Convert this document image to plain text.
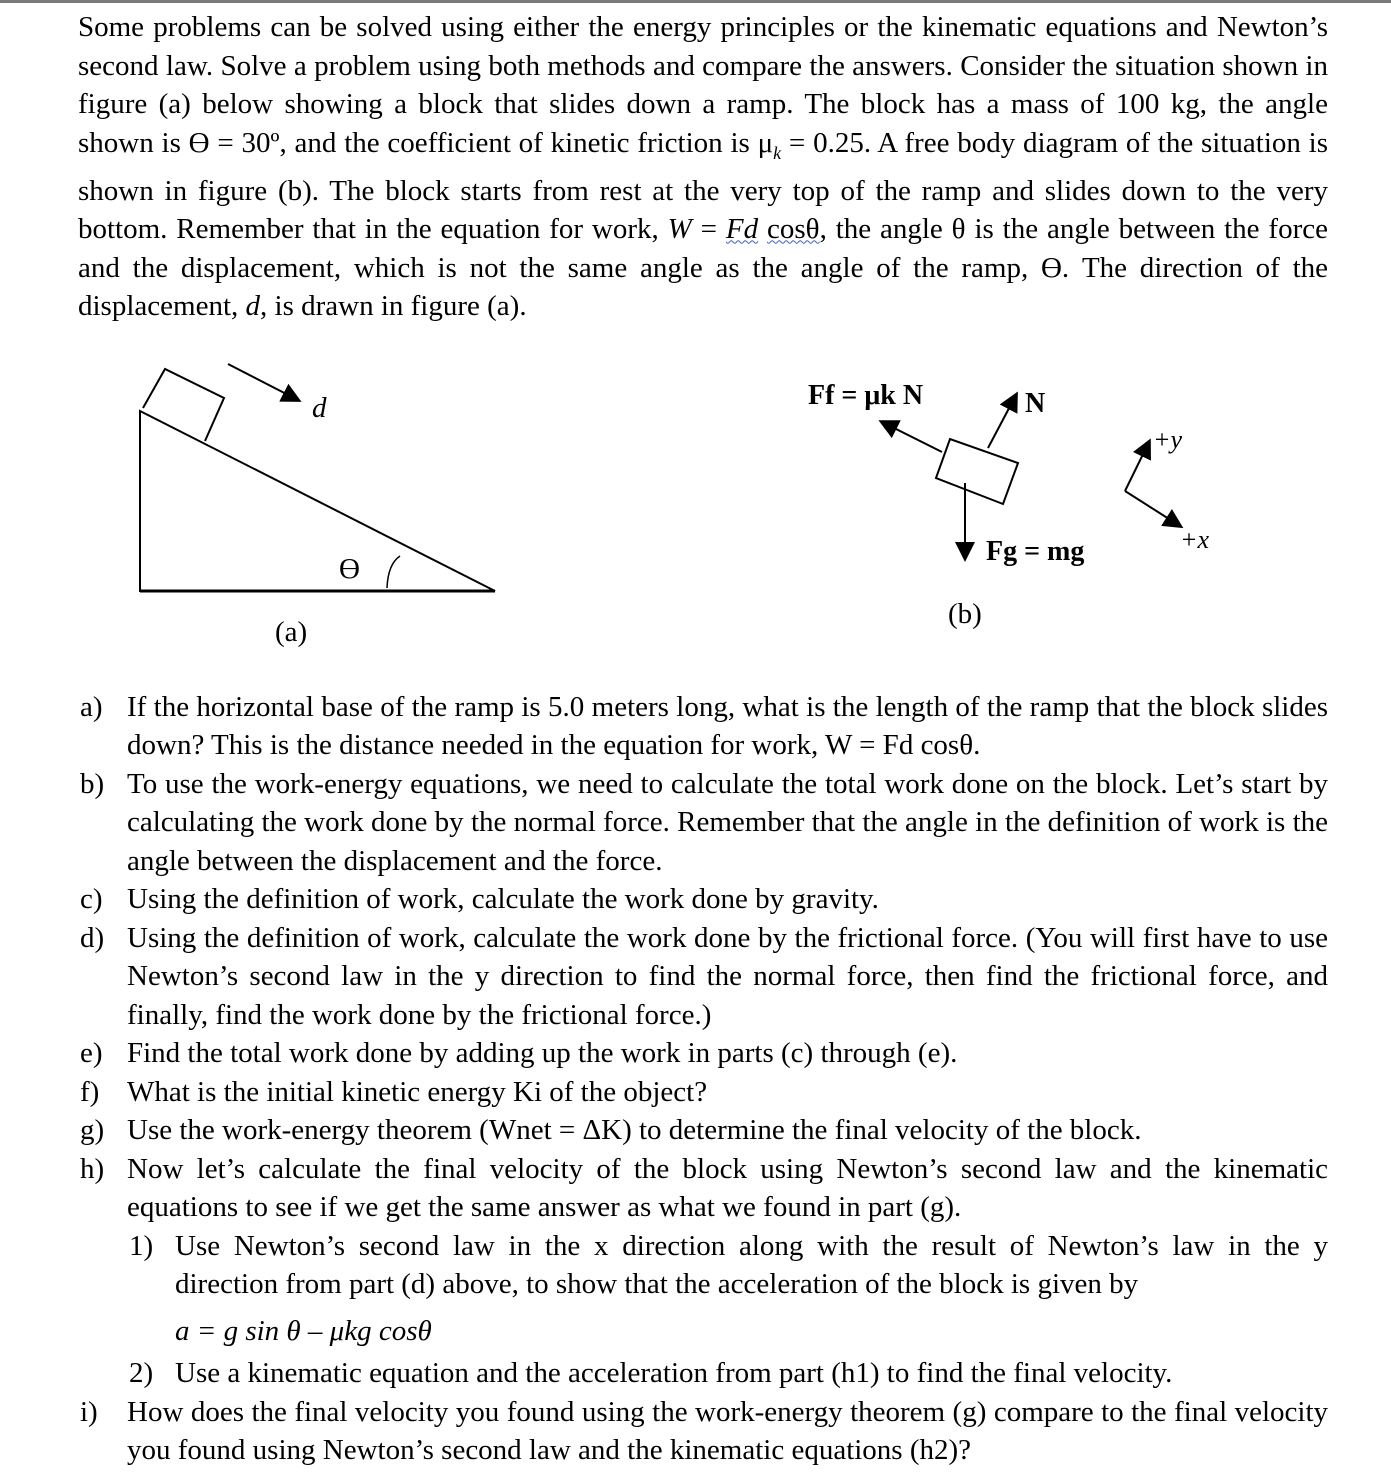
Some problems can be solved using either the energy principles or the kinematic equations and Newton’s second law. Solve a problem using both methods and compare the answers. Consider the situation shown in figure (a) below showing a block that slides down a ramp. The block has a mass of 100 kg, the angle shown is ϴ = 30º, and the coefficient of kinetic friction is $\mu_k = 0.25$. A free body diagram of the situation is shown in figure (b). The block starts from rest at the very top of the ramp and slides down to the very bottom. Remember that in the equation for work, W = Fd cosθ, the angle θ is the angle between the force and the displacement, which is not the same angle as the angle of the ramp, ϴ. The direction of the displacement, d, is drawn in figure (a).

d
ϴ
(a)
Ff = μk N	N
Fg = mg
+y
+x
(b)
a) If the horizontal base of the ramp is 5.0 meters long, what is the length of the ramp that the block slides down? This is the distance needed in the equation for work, W = Fd cosθ.
b) To use the work-energy equations, we need to calculate the total work done on the block. Let’s start by calculating the work done by the normal force. Remember that the angle in the definition of work is the angle between the displacement and the force.
c) Using the definition of work, calculate the work done by gravity.
d) Using the definition of work, calculate the work done by the frictional force. (You will first have to use Newton’s second law in the y direction to find the normal force, then find the frictional force, and finally, find the work done by the frictional force.)
e) Find the total work done by adding up the work in parts (c) through (e).
f) What is the initial kinetic energy Ki of the object?
g) Use the work-energy theorem (Wnet = ΔK) to determine the final velocity of the block.
h) Now let’s calculate the final velocity of the block using Newton’s second law and the kinematic equations to see if we get the same answer as what we found in part (g).
1) Use Newton’s second law in the x direction along with the result of Newton’s law in the y direction from part (d) above, to show that the acceleration of the block is given by
a = g sin θ – μkg cosθ
2) Use a kinematic equation and the acceleration from part (h1) to find the final velocity.
i) How does the final velocity you found using the work-energy theorem (g) compare to the final velocity you found using Newton’s second law and the kinematic equations (h2)?
